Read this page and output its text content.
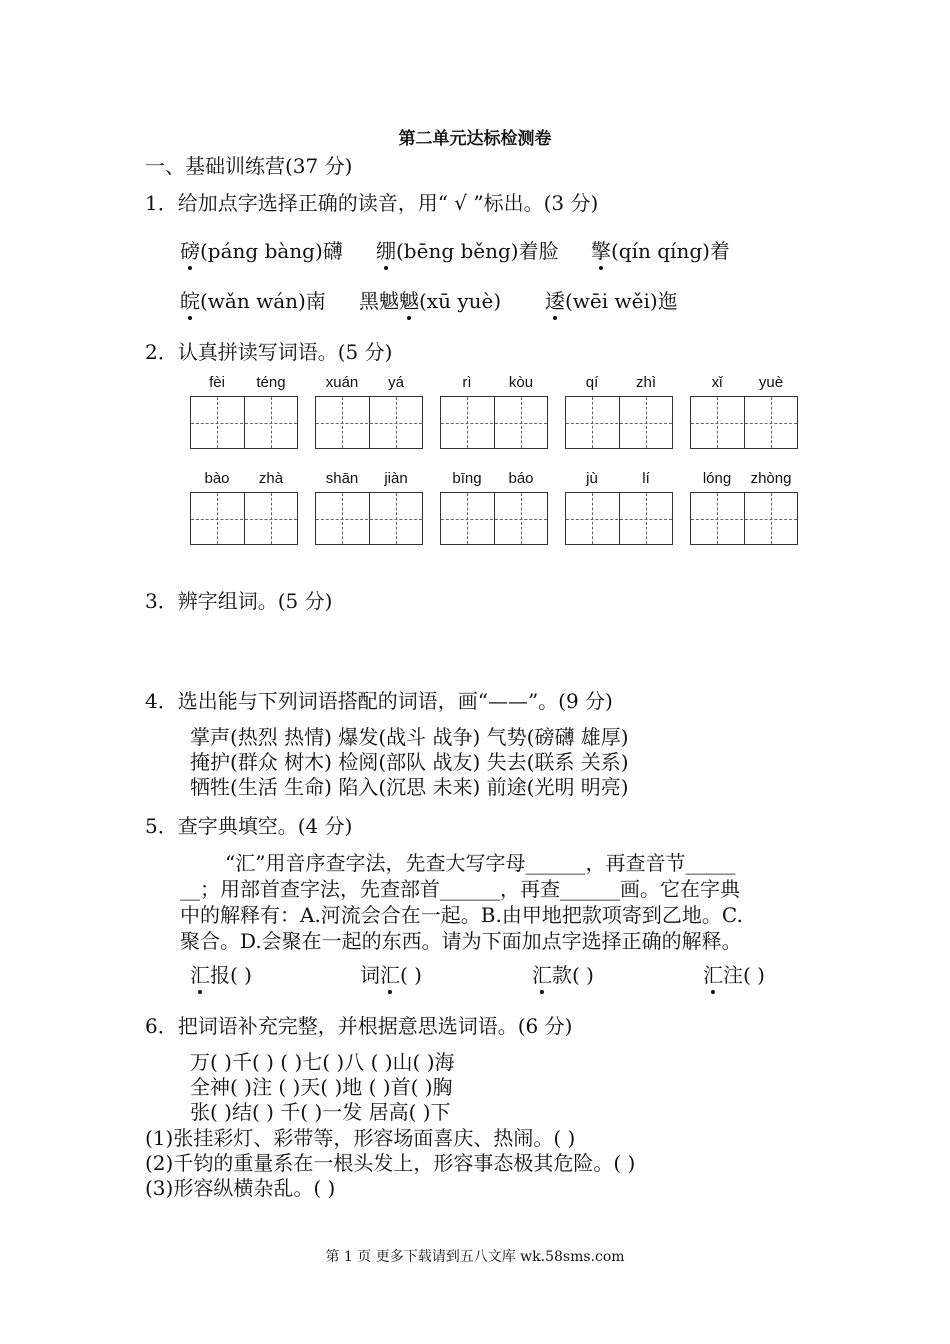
第二单元达标检测卷
一、基础训练营(37 分)
1．给加点字选择正确的读音，用“ √ ”标出。(3 分)
磅(páng bàng)礴 绷(bēng běng)着脸 擎(qín qíng)着
皖(wǎn wán)南 黑魆魆(xū yuè) 逶(wēi wěi)迤
2．认真拼读写词语。(5 分)
fèi	téng	xuán	yá	rì	kòu	qí	zhì	xǐ	yuè
bào	zhà	shān	jiàn	bīng	báo	jù	lí	lóng	zhòng
3．辨字组词。(5 分)
4．选出能与下列词语搭配的词语，画“——”。(9 分)
掌声(热烈 热情) 爆发(战斗 战争) 气势(磅礴 雄厚)
掩护(群众 树木) 检阅(部队 战友) 失去(联系 关系)
牺牲(生活 生命) 陷入(沉思 未来) 前途(光明 明亮)
5．查字典填空。(4 分)
“汇”用音序查字法，先查大写字母______，再查音节_____
__；用部首查字法，先查部首______，再查______画。它在字典
中的解释有：A.河流会合在一起。B.由甲地把款项寄到乙地。C.
聚合。D.会聚在一起的东西。请为下面加点字选择正确的解释。
汇报( )	词汇( )	汇款( )	汇注( )
6．把词语补充完整，并根据意思选词语。(6 分)
万( )千( ) ( )七( )八 ( )山( )海
全神( )注 ( )天( )地 ( )首( )胸
张( )结( ) 千( )一发 居高( )下
(1)张挂彩灯、彩带等，形容场面喜庆、热闹。( )
(2)千钧的重量系在一根头发上，形容事态极其危险。( )
(3)形容纵横杂乱。( )
第 1 页 更多下载请到五八文库 wk.58sms.com
